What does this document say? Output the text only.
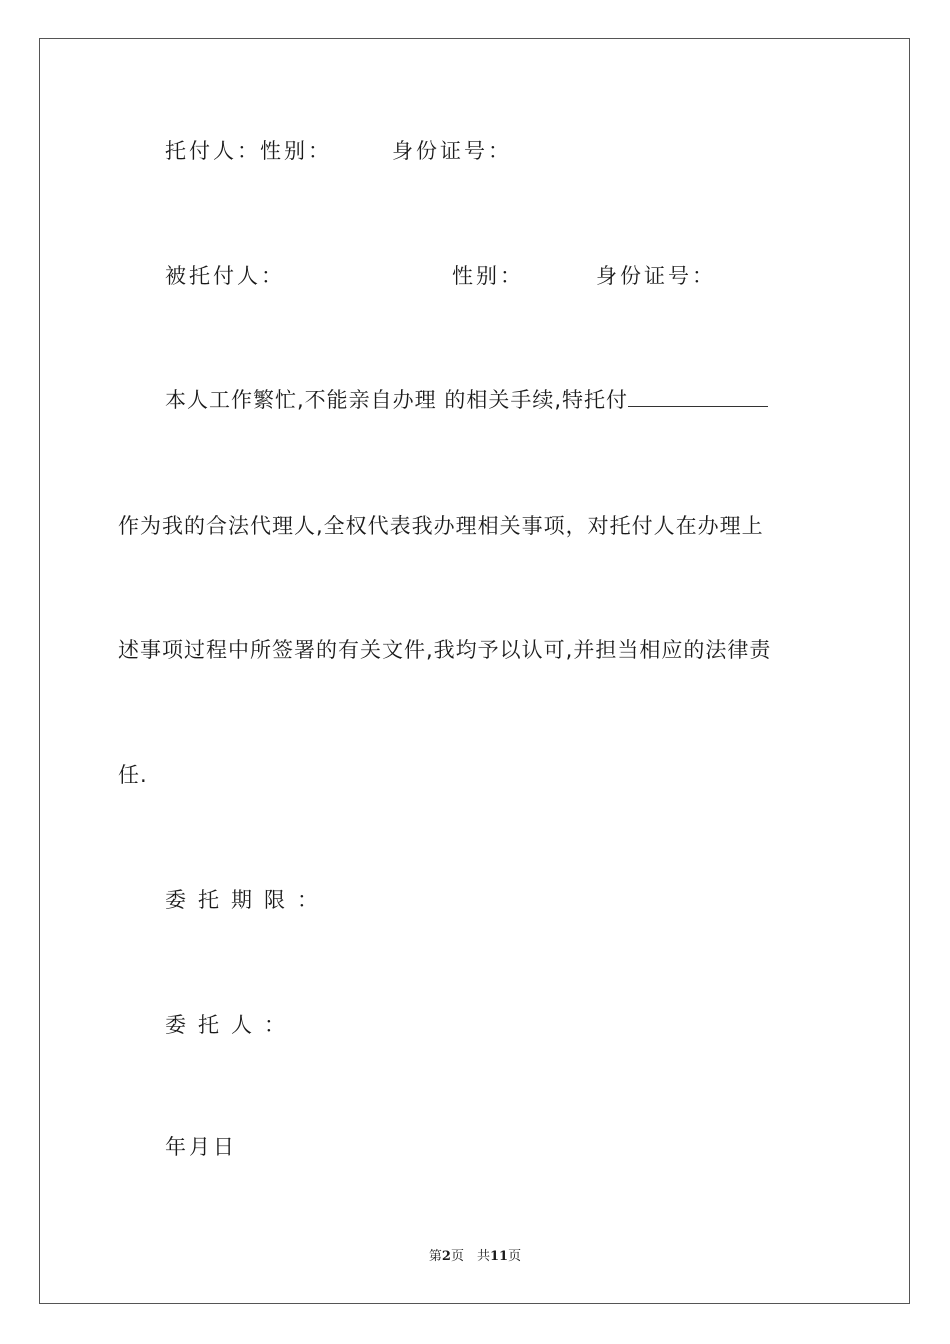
托付人： 性别：	身份证号：
被托付人：	性别：	身份证号：
本人工作繁忙,不能亲自办理 的相关手续,特托付
作为我的合法代理人,全权代表我办理相关事项，对托付人在办理上
述事项过程中所签署的有关文件,我均予以认可,并担当相应的法律责
任.
委托期限：
委托人：
年月日
第2页　共11页
